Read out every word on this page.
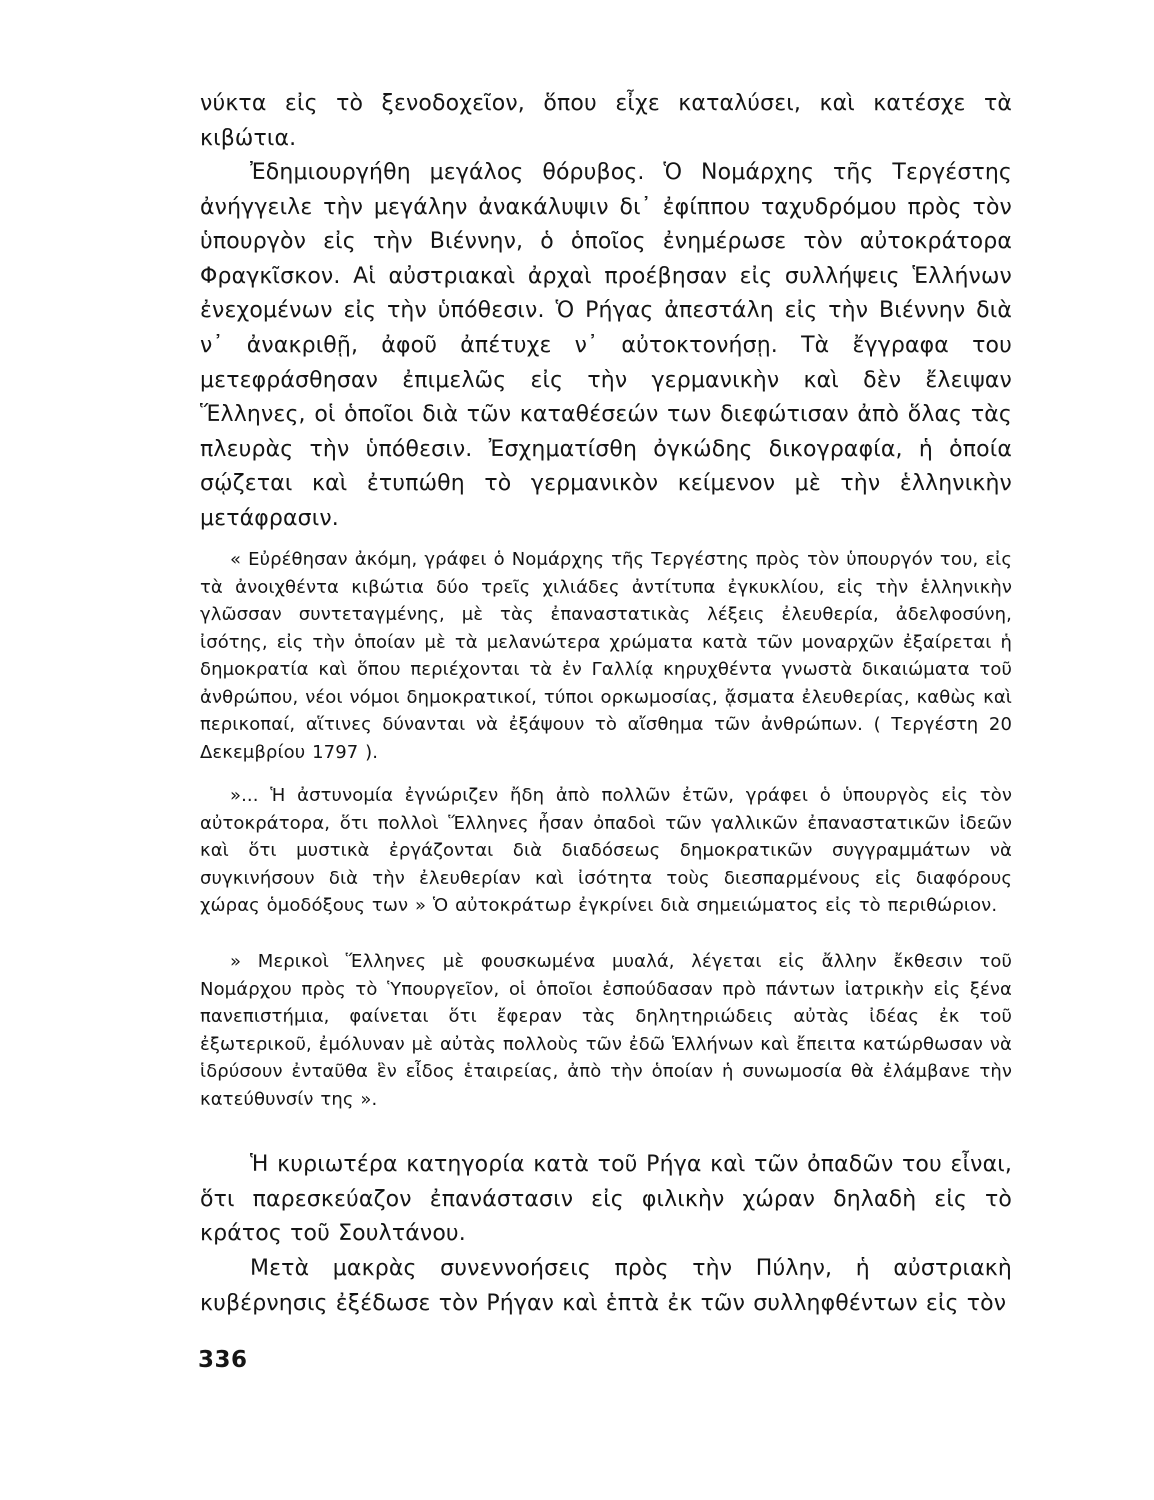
νύκτα εἰς τὸ ξενοδοχεῖον, ὅπου εἶχε καταλύσει, καὶ κατέσχε τὰ κιβώτια.

Ἐδημιουργήθη μεγάλος θόρυβος. Ὁ Νομάρχης τῆς Τεργέστης ἀνήγγειλε τὴν μεγάλην ἀνακάλυψιν δι᾽ ἐφίππου ταχυδρόμου πρὸς τὸν ὑπουργὸν εἰς τὴν Βιέννην, ὁ ὁποῖος ἐνημέρωσε τὸν αὐτοκράτορα Φραγκῖσκον. Αἱ αὐστριακαὶ ἀρχαὶ προέβησαν εἰς συλλήψεις Ἑλλήνων ἐνεχομένων εἰς τὴν ὑπόθεσιν. Ὁ Ρήγας ἀπεστάλη εἰς τὴν Βιέννην διὰ ν᾽ ἀνακριθῇ, ἀφοῦ ἀπέτυχε ν᾽ αὐτοκτονήσῃ. Τὰ ἔγγραφα του μετεφράσθησαν ἐπιμελῶς εἰς τὴν γερμανικὴν καὶ δὲν ἔλειψαν Ἕλληνες, οἱ ὁποῖοι διὰ τῶν καταθέσεών των διεφώτισαν ἀπὸ ὅλας τὰς πλευρὰς τὴν ὑπόθεσιν. Ἐσχηματίσθη ὀγκώδης δικογραφία, ἡ ὁποία σῴζεται καὶ ἐτυπώθη τὸ γερμανικὸν κείμενον μὲ τὴν ἑλληνικὴν μετάφρασιν.

« Εὐρέθησαν ἀκόμη, γράφει ὁ Νομάρχης τῆς Τεργέστης πρὸς τὸν ὑπουργόν του, εἰς τὰ ἀνοιχθέντα κιβώτια δύο τρεῖς χιλιάδες ἀντίτυπα ἐγκυκλίου, εἰς τὴν ἑλληνικὴν γλῶσσαν συντεταγμένης, μὲ τὰς ἐπαναστατικὰς λέξεις ἐλευθερία, ἀδελφοσύνη, ἰσότης, εἰς τὴν ὁποίαν μὲ τὰ μελανώτερα χρώματα κατὰ τῶν μοναρχῶν ἐξαίρεται ἡ δημοκρατία καὶ ὅπου περιέχονται τὰ ἐν Γαλλίᾳ κηρυχθέντα γνωστὰ δικαιώματα τοῦ ἀνθρώπου, νέοι νόμοι δημοκρατικοί, τύποι ορκωμοσίας, ᾄσματα ἐλευθερίας, καθὼς καὶ περικοπαί, αἵτινες δύνανται νὰ ἐξάψουν τὸ αἴσθημα τῶν ἀνθρώπων. ( Τεργέστη 20 Δεκεμβρίου 1797 ).

»... Ἡ ἀστυνομία ἐγνώριζεν ἤδη ἀπὸ πολλῶν ἐτῶν, γράφει ὁ ὑπουργὸς εἰς τὸν αὐτοκράτορα, ὅτι πολλοὶ Ἕλληνες ἦσαν ὀπαδοὶ τῶν γαλλικῶν ἐπαναστατικῶν ἰδεῶν καὶ ὅτι μυστικὰ ἐργάζονται διὰ διαδόσεως δημοκρατικῶν συγγραμμάτων νὰ συγκινήσουν διὰ τὴν ἐλευθερίαν καὶ ἰσότητα τοὺς διεσπαρμένους εἰς διαφόρους χώρας ὁμοδόξους των » Ὁ αὐτοκράτωρ ἐγκρίνει διὰ σημειώματος εἰς τὸ περιθώριον.

» Μερικοὶ Ἕλληνες μὲ φουσκωμένα μυαλά, λέγεται εἰς ἄλλην ἔκθεσιν τοῦ Νομάρχου πρὸς τὸ Ὑπουργεῖον, οἱ ὁποῖοι ἐσπούδασαν πρὸ πάντων ἰατρικὴν εἰς ξένα πανεπιστήμια, φαίνεται ὅτι ἔφεραν τὰς δηλητηριώδεις αὐτὰς ἰδέας ἐκ τοῦ ἐξωτερικοῦ, ἐμόλυναν μὲ αὐτὰς πολλοὺς τῶν ἐδῶ Ἑλλήνων καὶ ἔπειτα κατώρθωσαν νὰ ἱδρύσουν ἐνταῦθα ἓν εἶδος ἑταιρείας, ἀπὸ τὴν ὁποίαν ἡ συνωμοσία θὰ ἐλάμβανε τὴν κατεύθυνσίν της ».

Ἡ κυριωτέρα κατηγορία κατὰ τοῦ Ρήγα καὶ τῶν ὀπαδῶν του εἶναι, ὅτι παρεσκεύαζον ἐπανάστασιν εἰς φιλικὴν χώραν δηλαδὴ εἰς τὸ κράτος τοῦ Σουλτάνου.

Μετὰ μακρὰς συνεννοήσεις πρὸς τὴν Πύλην, ἡ αὐστριακὴ κυβέρνησις ἐξέδωσε τὸν Ρήγαν καὶ ἑπτὰ ἐκ τῶν συλληφθέντων εἰς τὸν

336
